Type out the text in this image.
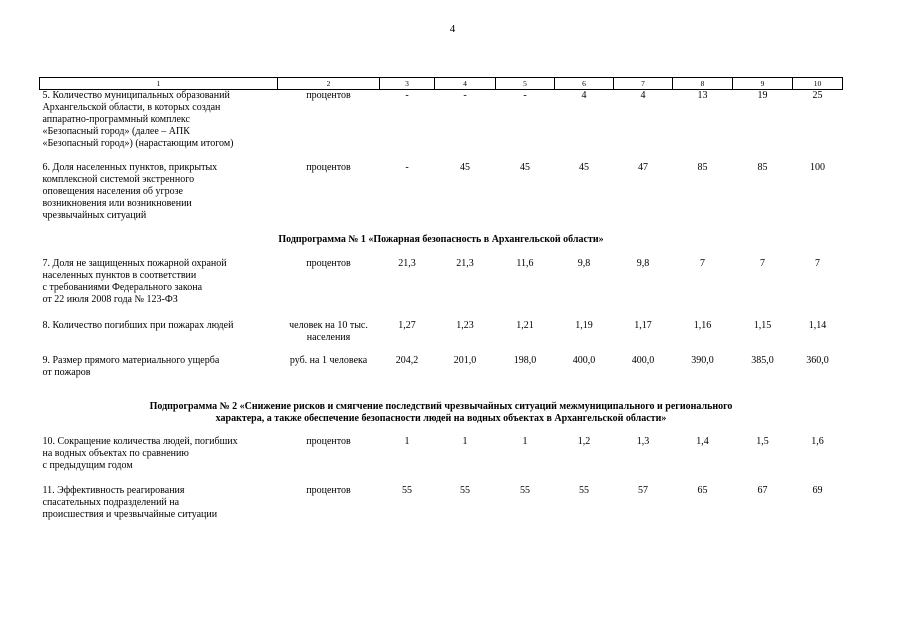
4
1	2	3	4	5	6	7	8	9	10

5. Количество муниципальных образований
Архангельской области, в которых создан
аппаратно-программный комплекс
«Безопасный город» (далее – АПК
«Безопасный город») (нарастающим итогом)	процентов	-	-	-	4	4	13	19	25

6. Доля населенных пунктов, прикрытых
комплексной системой экстренного
оповещения населения об угрозе
возникновения или возникновении
чрезвычайных ситуаций	процентов	-	45	45	45	47	85	85	100

Подпрограмма № 1 «Пожарная безопасность в Архангельской области»									

7. Доля не защищенных пожарной охраной
населенных пунктов в соответствии
с требованиями Федерального закона
от 22 июля 2008 года № 123-ФЗ	процентов	21,3	21,3	11,6	9,8	9,8	7	7	7

8. Количество погибших при пожарах людей	человек на 10 тыс.
населения	1,27	1,23	1,21	1,19	1,17	1,16	1,15	1,14

9. Размер прямого материального ущерба
от пожаров	руб. на 1 человека	204,2	201,0	198,0	400,0	400,0	390,0	385,0	360,0

Подпрограмма № 2 «Снижение рисков и смягчение последствий чрезвычайных ситуаций межмуниципального и регионального
характера, а также обеспечение безопасности людей на водных объектах в Архангельской области»									

10. Сокращение количества людей, погибших
на водных объектах по сравнению
с предыдущим годом	процентов	1	1	1	1,2	1,3	1,4	1,5	1,6

11. Эффективность реагирования
спасательных подразделений на
происшествия и чрезвычайные ситуации	процентов	55	55	55	55	57	65	67	69
